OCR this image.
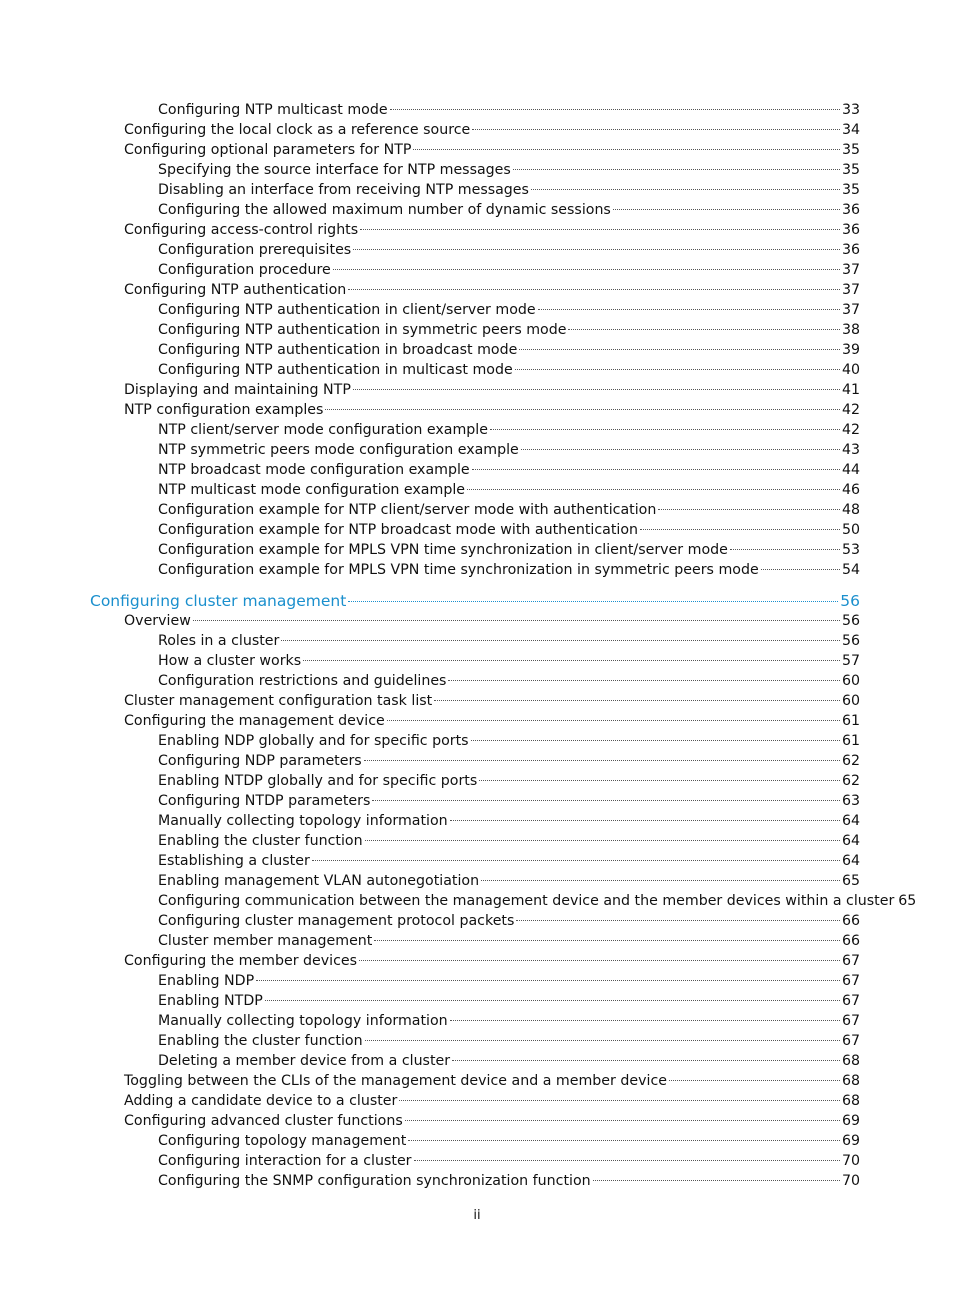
Configuring NTP multicast mode	33
Configuring the local clock as a reference source	34
Configuring optional parameters for NTP	35
Specifying the source interface for NTP messages	35
Disabling an interface from receiving NTP messages	35
Configuring the allowed maximum number of dynamic sessions	36
Configuring access-control rights	36
Configuration prerequisites	36
Configuration procedure	37
Configuring NTP authentication	37
Configuring NTP authentication in client/server mode	37
Configuring NTP authentication in symmetric peers mode	38
Configuring NTP authentication in broadcast mode	39
Configuring NTP authentication in multicast mode	40
Displaying and maintaining NTP	41
NTP configuration examples	42
NTP client/server mode configuration example	42
NTP symmetric peers mode configuration example	43
NTP broadcast mode configuration example	44
NTP multicast mode configuration example	46
Configuration example for NTP client/server mode with authentication	48
Configuration example for NTP broadcast mode with authentication	50
Configuration example for MPLS VPN time synchronization in client/server mode	53
Configuration example for MPLS VPN time synchronization in symmetric peers mode	54
Configuring cluster management	56
Overview	56
Roles in a cluster	56
How a cluster works	57
Configuration restrictions and guidelines	60
Cluster management configuration task list	60
Configuring the management device	61
Enabling NDP globally and for specific ports	61
Configuring NDP parameters	62
Enabling NTDP globally and for specific ports	62
Configuring NTDP parameters	63
Manually collecting topology information	64
Enabling the cluster function	64
Establishing a cluster	64
Enabling management VLAN autonegotiation	65
Configuring communication between the management device and the member devices within a cluster 65
Configuring cluster management protocol packets	66
Cluster member management	66
Configuring the member devices	67
Enabling NDP	67
Enabling NTDP	67
Manually collecting topology information	67
Enabling the cluster function	67
Deleting a member device from a cluster	68
Toggling between the CLIs of the management device and a member device	68
Adding a candidate device to a cluster	68
Configuring advanced cluster functions	69
Configuring topology management	69
Configuring interaction for a cluster	70
Configuring the SNMP configuration synchronization function	70
ii
